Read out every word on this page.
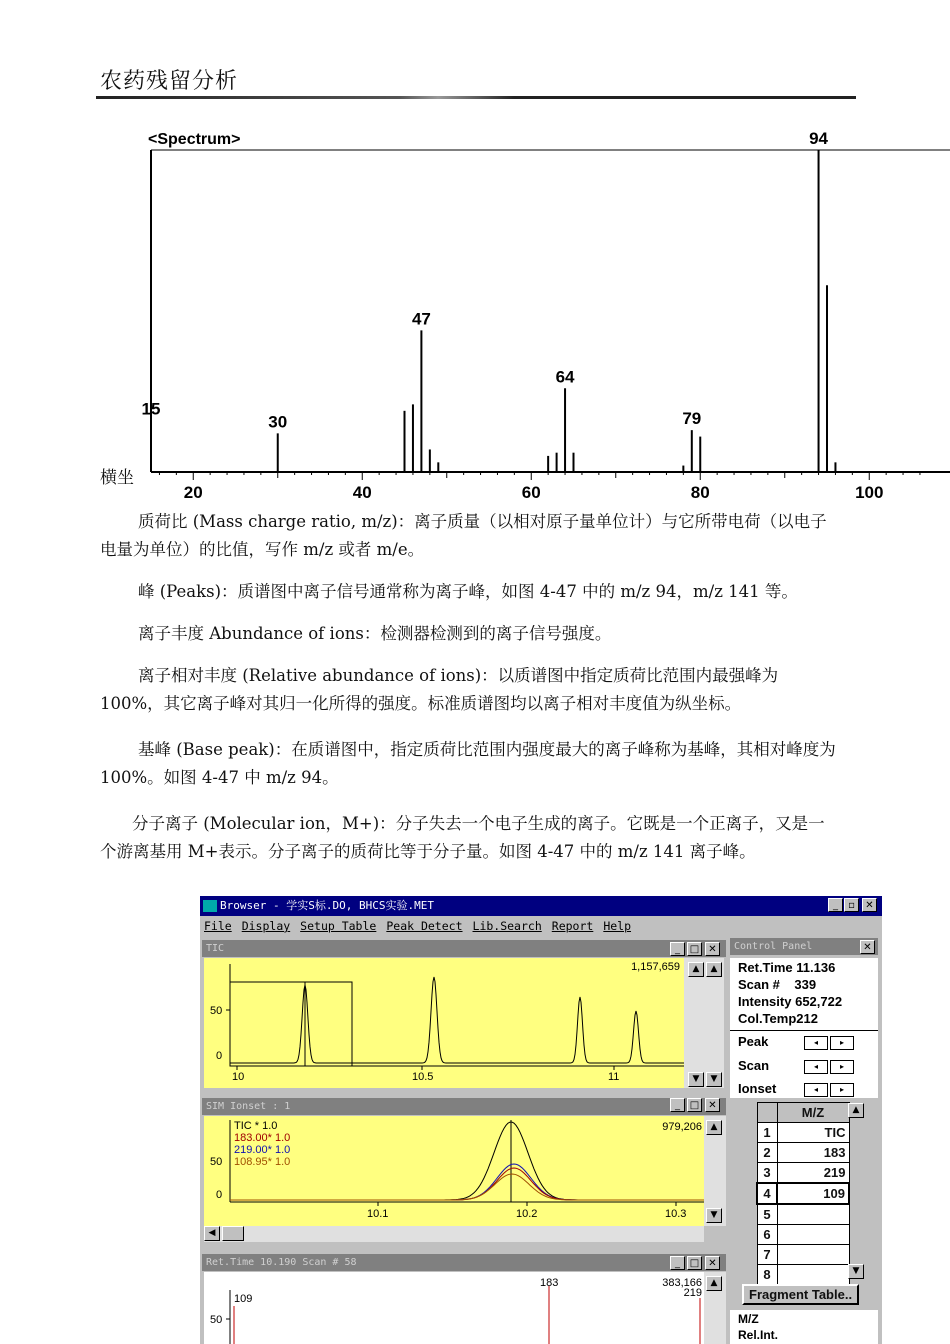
农药残留分析
<Spectrum>
15
30
47
64
79
94
20	40	60	80	100
横坐
质荷比 (Mass charge ratio, m/z)：离子质量（以相对原子量单位计）与它所带电荷（以电子电量为单位）的比值，写作 m/z 或者 m/e。
峰 (Peaks)：质谱图中离子信号通常称为离子峰，如图 4-47 中的 m/z 94，m/z 141 等。
离子丰度 Abundance of ions：检测器检测到的离子信号强度。
离子相对丰度 (Relative abundance of ions)：以质谱图中指定质荷比范围内最强峰为100%，其它离子峰对其归一化所得的强度。标准质谱图均以离子相对丰度值为纵坐标。
基峰 (Base peak)：在质谱图中，指定质荷比范围内强度最大的离子峰称为基峰，其相对峰度为 100%。如图 4-47 中 m/z 94。
分子离子 (Molecular ion，M+)：分子失去一个电子生成的离子。它既是一个正离子，又是一个游离基用 M+表示。分子离子的质荷比等于分子量。如图 4-47 中的 m/z 141 离子峰。
Browser - 学实S标.DO, BHCS实验.MET	_	▫	✕
File Display Setup Table Peak Detect Lib.Search Report Help
TIC	_ □ ✕
50
0
1,157,659
10	10.5	11
▲	▲
▼	▼
SIM Ionset : 1	_ □ ✕
50
0
979,206
TIC * 1.0
183.00* 1.0
219.00* 1.0
108.95* 1.0
10.1	10.2	10.3
▲
▼
◀
Ret.Time 10.190 Scan # 58	_ □ ✕
50
383,166
109
183
219
▲
Control Panel	✕
Ret.Time 11.136
Scan # 339
Intensity 652,722
Col.Temp212
Peak	◂	▸
Scan	◂	▸
Ionset	◂	▸
	M/Z
1	TIC
2	183
3	219
4	109
5	
6	
7	
8	
▲
▼
Fragment Table..
M/Z
Rel.Int.
